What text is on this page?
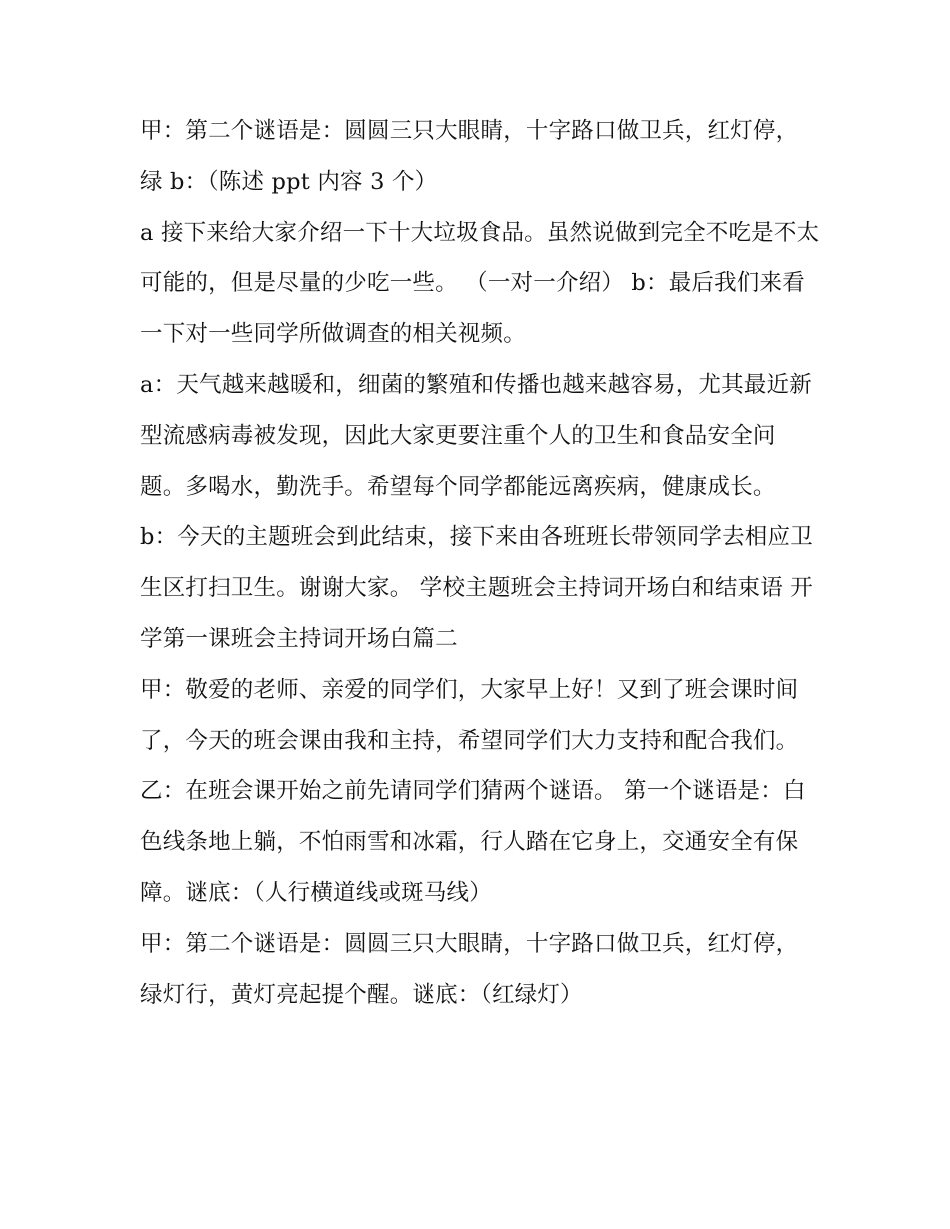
甲：第二个谜语是：圆圆三只大眼睛，十字路口做卫兵，红灯停，绿 b：（陈述 ppt 内容 3 个）

a 接下来给大家介绍一下十大垃圾食品。虽然说做到完全不吃是不太可能的，但是尽量的少吃一些。 （一对一介绍） b：最后我们来看一下对一些同学所做调查的相关视频。

a：天气越来越暖和，细菌的繁殖和传播也越来越容易，尤其最近新型流感病毒被发现，因此大家更要注重个人的卫生和食品安全问题。多喝水，勤洗手。希望每个同学都能远离疾病，健康成长。

b：今天的主题班会到此结束，接下来由各班班长带领同学去相应卫生区打扫卫生。谢谢大家。 学校主题班会主持词开场白和结束语 开学第一课班会主持词开场白篇二

甲：敬爱的老师、亲爱的同学们，大家早上好！又到了班会课时间了，今天的班会课由我和主持，希望同学们大力支持和配合我们。

乙：在班会课开始之前先请同学们猜两个谜语。 第一个谜语是：白色线条地上躺，不怕雨雪和冰霜，行人踏在它身上，交通安全有保障。谜底：（人行横道线或斑马线）

甲：第二个谜语是：圆圆三只大眼睛，十字路口做卫兵，红灯停，绿灯行，黄灯亮起提个醒。谜底：（红绿灯）
